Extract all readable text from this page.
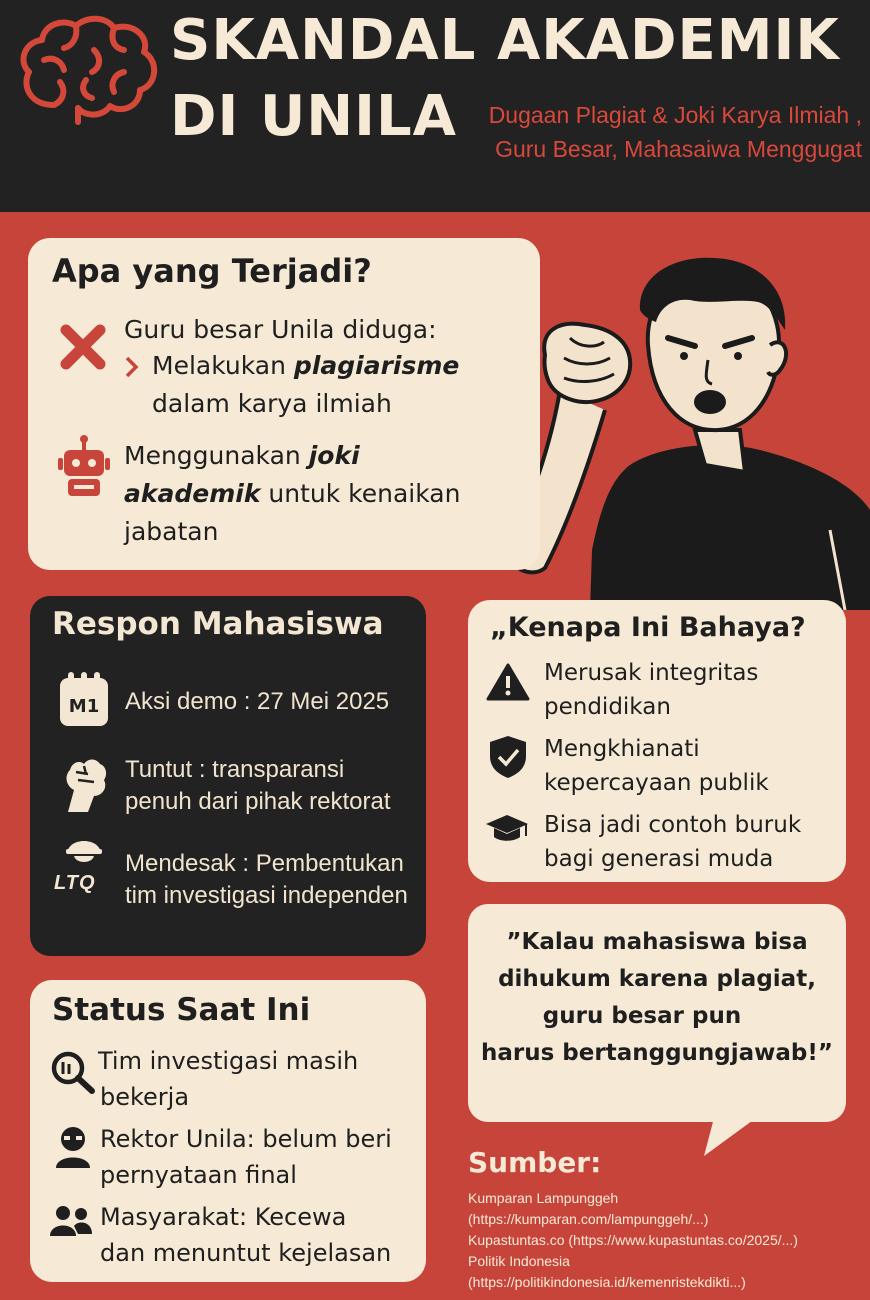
SKANDAL AKADEMIK
DI UNILA	Dugaan Plagiat & Joki Karya Ilmiah ,
Guru Besar, Mahasaiwa Menggugat
Apa yang Terjadi?
Guru besar Unila diduga:
Melakukan plagiarisme
dalam karya ilmiah
Menggunakan joki
akademik untuk kenaikan
jabatan
Respon Mahasiswa
M1	Aksi demo : 27 Mei 2025
Tuntut : transparansi
penuh dari pihak rektorat
LTQ
Mendesak : Pembentukan
tim investigasi independen
„Kenapa Ini Bahaya?
Merusak integritas
pendidikan
Mengkhianati
kepercayaan publik
Bisa jadi contoh buruk
bagi generasi muda
”Kalau mahasiswa bisa
dihukum karena plagiat,
guru besar pun
harus bertanggungjawab!”
Status Saat Ini
Tim investigasi masih
bekerja
Rektor Unila: belum beri
pernyataan final
Masyarakat: Kecewa
dan menuntut kejelasan
Sumber:
Kumparan Lampunggeh
(https://kumparan.com/lampunggeh/...)
Kupastuntas.co (https://www.kupastuntas.co/2025/...)
Politik Indonesia
(https://politikindonesia.id/kemenristekdikti...)
